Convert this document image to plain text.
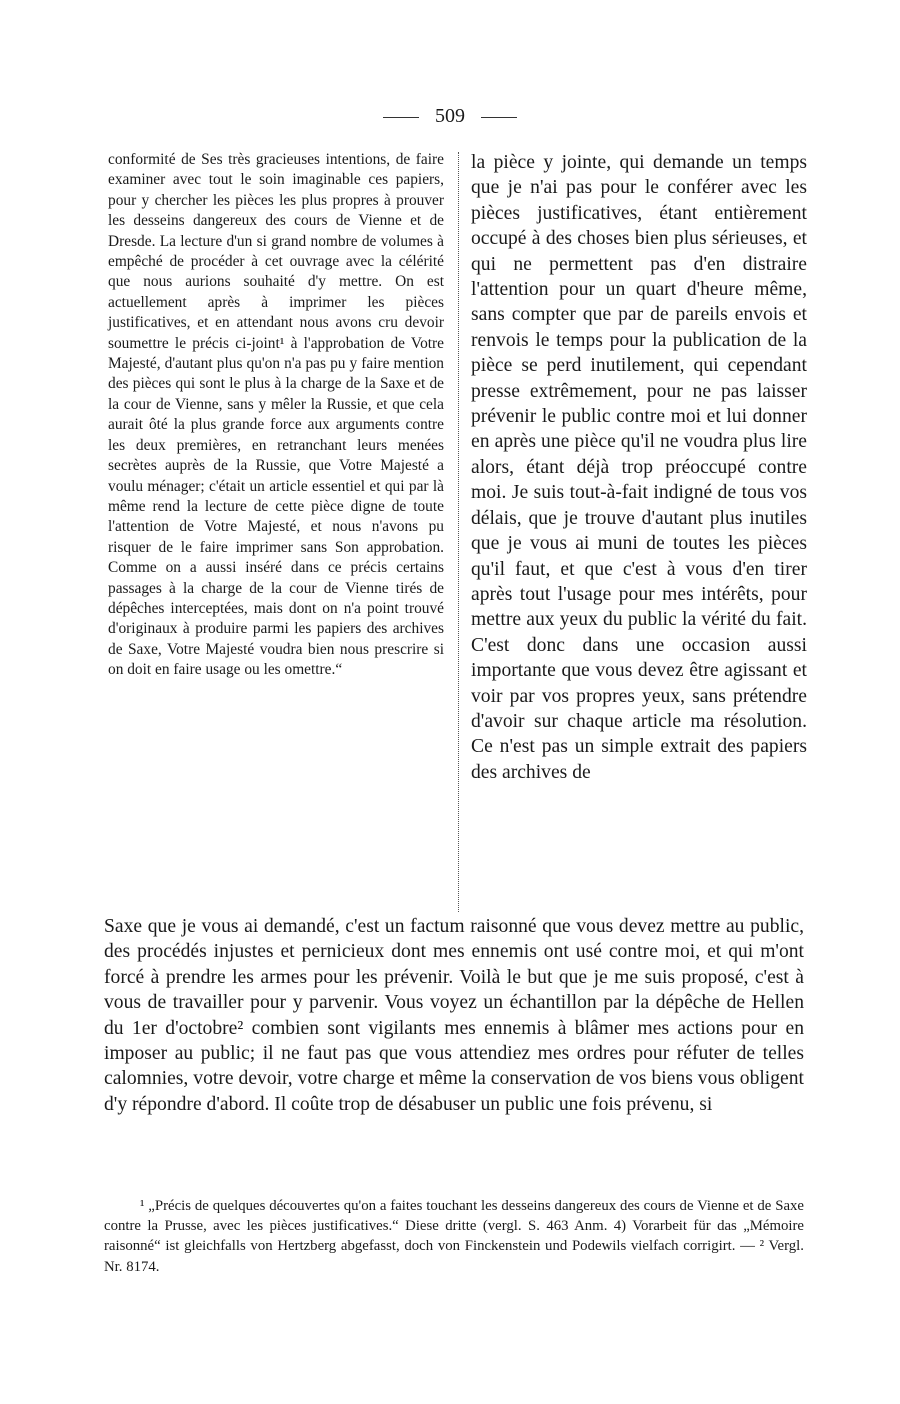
509

conformité de Ses très gracieuses intentions, de faire examiner avec tout le soin imaginable ces papiers, pour y chercher les pièces les plus propres à prouver les desseins dangereux des cours de Vienne et de Dresde. La lecture d'un si grand nombre de volumes à empêché de procéder à cet ouvrage avec la célérité que nous aurions souhaité d'y mettre. On est actuellement après à imprimer les pièces justificatives, et en attendant nous avons cru devoir soumettre le précis ci-joint¹ à l'approbation de Votre Majesté, d'autant plus qu'on n'a pas pu y faire mention des pièces qui sont le plus à la charge de la Saxe et de la cour de Vienne, sans y mêler la Russie, et que cela aurait ôté la plus grande force aux arguments contre les deux premières, en retranchant leurs menées secrètes auprès de la Russie, que Votre Majesté a voulu ménager; c'était un article essentiel et qui par là même rend la lecture de cette pièce digne de toute l'attention de Votre Majesté, et nous n'avons pu risquer de le faire imprimer sans Son approbation. Comme on a aussi inséré dans ce précis certains passages à la charge de la cour de Vienne tirés de dépêches interceptées, mais dont on n'a point trouvé d'originaux à produire parmi les papiers des archives de Saxe, Votre Majesté voudra bien nous prescrire si on doit en faire usage ou les omettre.“

la pièce y jointe, qui demande un temps que je n'ai pas pour le conférer avec les pièces justificatives, étant entièrement occupé à des choses bien plus sérieuses, et qui ne permettent pas d'en distraire l'attention pour un quart d'heure même, sans compter que par de pareils envois et renvois le temps pour la publication de la pièce se perd inutilement, qui cependant presse extrêmement, pour ne pas laisser prévenir le public contre moi et lui donner en après une pièce qu'il ne voudra plus lire alors, étant déjà trop préoccupé contre moi. Je suis tout-à-fait indigné de tous vos délais, que je trouve d'autant plus inutiles que je vous ai muni de toutes les pièces qu'il faut, et que c'est à vous d'en tirer après tout l'usage pour mes intérêts, pour mettre aux yeux du public la vérité du fait. C'est donc dans une occasion aussi importante que vous devez être agissant et voir par vos propres yeux, sans prétendre d'avoir sur chaque article ma résolution. Ce n'est pas un simple extrait des papiers des archives de

Saxe que je vous ai demandé, c'est un factum raisonné que vous devez mettre au public, des procédés injustes et pernicieux dont mes ennemis ont usé contre moi, et qui m'ont forcé à prendre les armes pour les prévenir. Voilà le but que je me suis proposé, c'est à vous de travailler pour y parvenir. Vous voyez un échantillon par la dépêche de Hellen du 1er d'octobre² combien sont vigilants mes ennemis à blâmer mes actions pour en imposer au public; il ne faut pas que vous attendiez mes ordres pour réfuter de telles calomnies, votre devoir, votre charge et même la conservation de vos biens vous obligent d'y répondre d'abord. Il coûte trop de désabuser un public une fois prévenu, si

¹ „Précis de quelques découvertes qu'on a faites touchant les desseins dangereux des cours de Vienne et de Saxe contre la Prusse, avec les pièces justificatives.“ Diese dritte (vergl. S. 463 Anm. 4) Vorarbeit für das „Mémoire raisonné“ ist gleichfalls von Hertzberg abgefasst, doch von Finckenstein und Podewils vielfach corrigirt. — ² Vergl. Nr. 8174.
